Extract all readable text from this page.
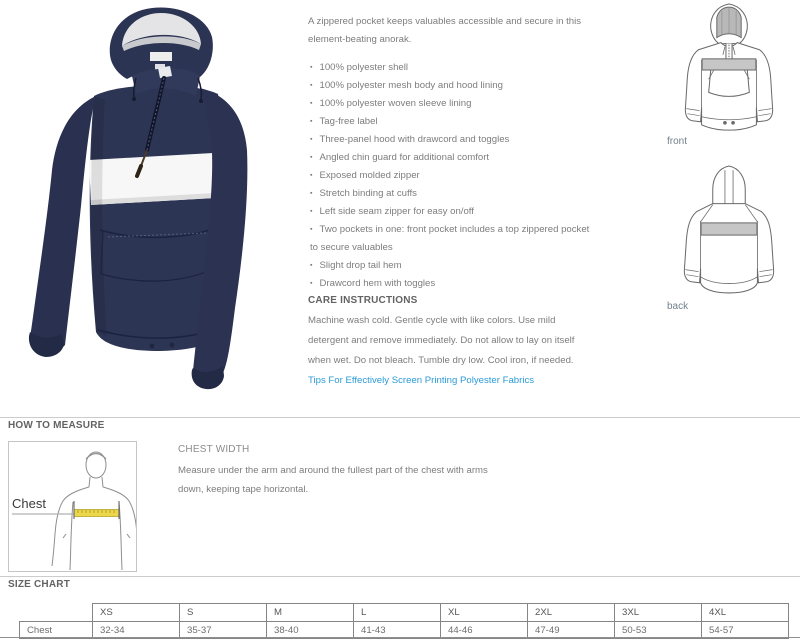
A zippered pocket keeps valuables accessible and secure in this element-beating anorak.

▪ 100% polyester shell
▪ 100% polyester mesh body and hood lining
▪ 100% polyester woven sleeve lining
▪ Tag-free label
▪ Three-panel hood with drawcord and toggles
▪ Angled chin guard for additional comfort
▪ Exposed molded zipper
▪ Stretch binding at cuffs
▪ Left side seam zipper for easy on/off
▪ Two pockets in one: front pocket includes a top zippered pocket to secure valuables
▪ Slight drop tail hem
▪ Drawcord hem with toggles
CARE INSTRUCTIONS

Machine wash cold. Gentle cycle with like colors. Use mild detergent and remove immediately. Do not allow to lay on itself when wet. Do not bleach. Tumble dry low. Cool iron, if needed.

Tips For Effectively Screen Printing Polyester Fabrics
front
back
HOW TO MEASURE
Chest
CHEST WIDTH
Measure under the arm and around the fullest part of the chest with arms down, keeping tape horizontal.
SIZE CHART
	XS	S	M	L	XL	2XL	3XL	4XL
Chest	32-34	35-37	38-40	41-43	44-46	47-49	50-53	54-57
